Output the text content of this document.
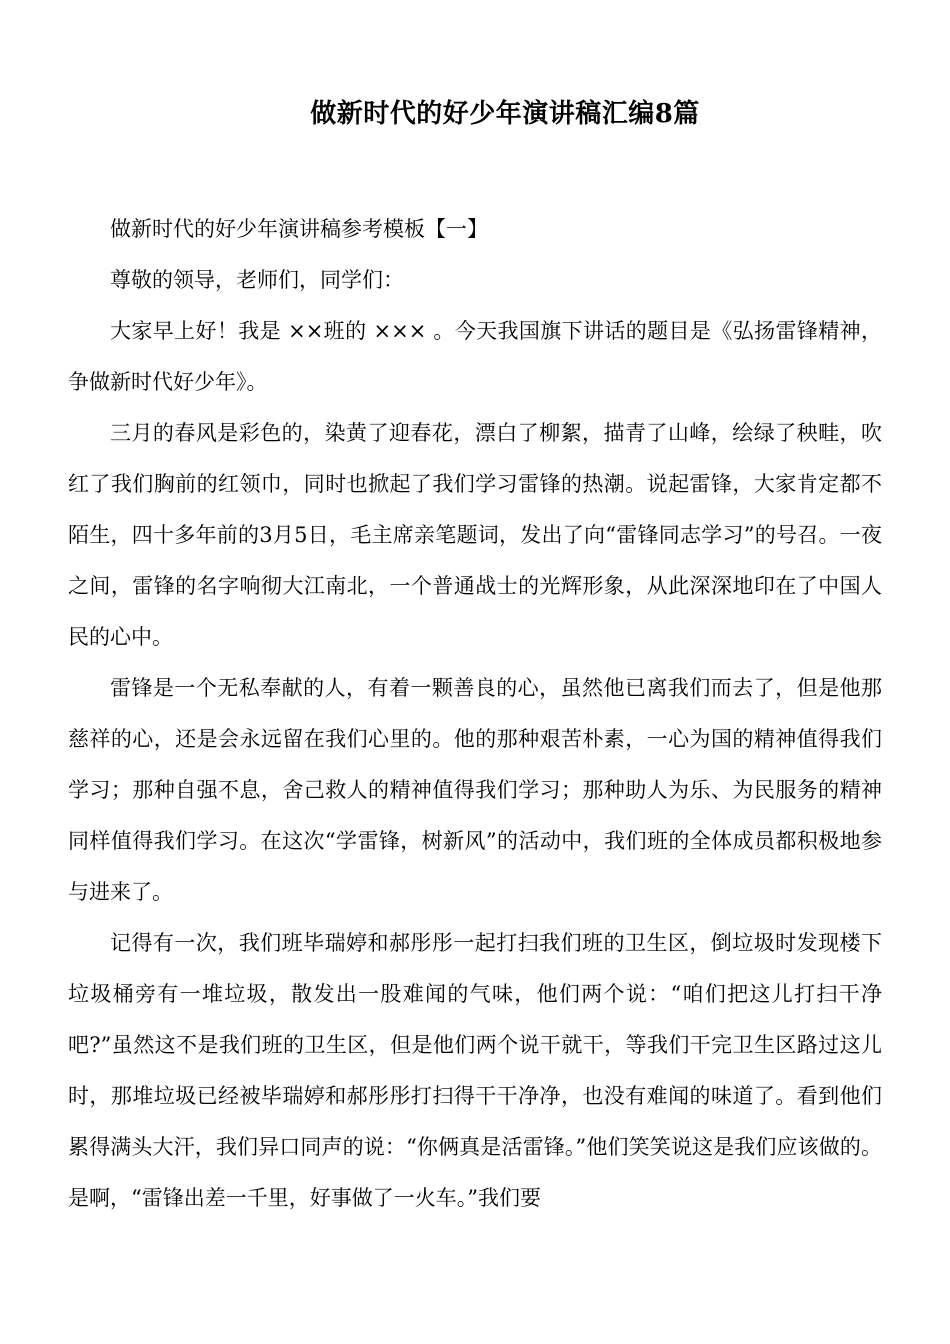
做新时代的好少年演讲稿汇编8篇

做新时代的好少年演讲稿参考模板【一】

尊敬的领导，老师们，同学们：

大家早上好！我是 ××班的 ××× 。今天我国旗下讲话的题目是《弘扬雷锋精神，争做新时代好少年》。

三月的春风是彩色的，染黄了迎春花，漂白了柳絮，描青了山峰，绘绿了秧畦，吹红了我们胸前的红领巾，同时也掀起了我们学习雷锋的热潮。说起雷锋，大家肯定都不陌生，四十多年前的3月5日，毛主席亲笔题词，发出了向“雷锋同志学习”的号召。一夜之间，雷锋的名字响彻大江南北，一个普通战士的光辉形象，从此深深地印在了中国人民的心中。

雷锋是一个无私奉献的人，有着一颗善良的心，虽然他已离我们而去了，但是他那慈祥的心，还是会永远留在我们心里的。他的那种艰苦朴素，一心为国的精神值得我们学习；那种自强不息，舍己救人的精神值得我们学习；那种助人为乐、为民服务的精神同样值得我们学习。在这次“学雷锋，树新风”的活动中，我们班的全体成员都积极地参与进来了。

记得有一次，我们班毕瑞婷和郝彤彤一起打扫我们班的卫生区，倒垃圾时发现楼下垃圾桶旁有一堆垃圾，散发出一股难闻的气味，他们两个说：“咱们把这儿打扫干净吧?”虽然这不是我们班的卫生区，但是他们两个说干就干，等我们干完卫生区路过这儿时，那堆垃圾已经被毕瑞婷和郝彤彤打扫得干干净净，也没有难闻的味道了。看到他们累得满头大汗，我们异口同声的说：“你俩真是活雷锋。”他们笑笑说这是我们应该做的。是啊，“雷锋出差一千里，好事做了一火车。”我们要
